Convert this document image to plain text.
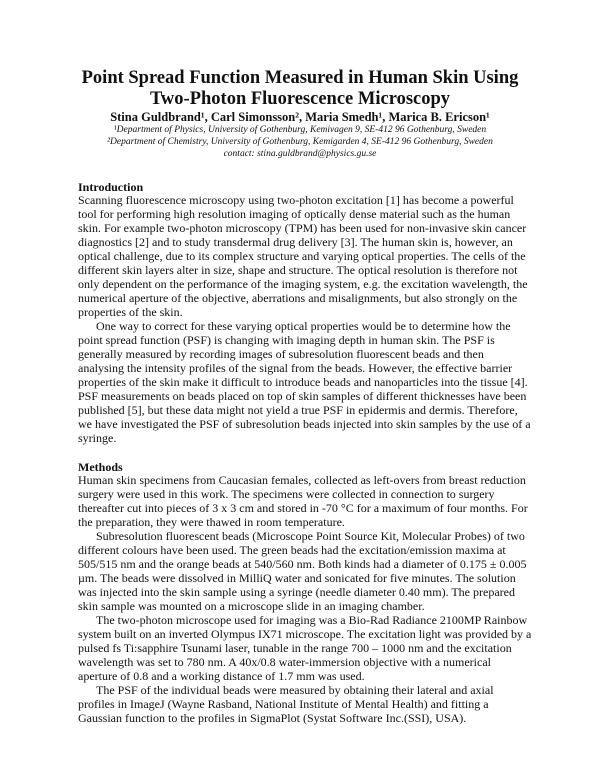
Point Spread Function Measured in Human Skin Using
Two-Photon Fluorescence Microscopy
Stina Guldbrand¹, Carl Simonsson², Maria Smedh¹, Marica B. Ericson¹
¹Department of Physics, University of Gothenburg, Kemivagen 9, SE-412 96 Gothenburg, Sweden
²Department of Chemistry, University of Gothenburg, Kemigarden 4, SE-412 96 Gothenburg, Sweden
contact: stina.guldbrand@physics.gu.se
Introduction
Scanning fluorescence microscopy using two-photon excitation [1] has become a powerful
tool for performing high resolution imaging of optically dense material such as the human
skin. For example two-photon microscopy (TPM) has been used for non-invasive skin cancer
diagnostics [2] and to study transdermal drug delivery [3]. The human skin is, however, an
optical challenge, due to its complex structure and varying optical properties. The cells of the
different skin layers alter in size, shape and structure. The optical resolution is therefore not
only dependent on the performance of the imaging system, e.g. the excitation wavelength, the
numerical aperture of the objective, aberrations and misalignments, but also strongly on the
properties of the skin.
One way to correct for these varying optical properties would be to determine how the
point spread function (PSF) is changing with imaging depth in human skin. The PSF is
generally measured by recording images of subresolution fluorescent beads and then
analysing the intensity profiles of the signal from the beads. However, the effective barrier
properties of the skin make it difficult to introduce beads and nanoparticles into the tissue [4].
PSF measurements on beads placed on top of skin samples of different thicknesses have been
published [5], but these data might not yield a true PSF in epidermis and dermis. Therefore,
we have investigated the PSF of subresolution beads injected into skin samples by the use of a
syringe.
Methods
Human skin specimens from Caucasian females, collected as left-overs from breast reduction
surgery were used in this work. The specimens were collected in connection to surgery
thereafter cut into pieces of 3 x 3 cm and stored in -70 °C for a maximum of four months. For
the preparation, they were thawed in room temperature.
Subresolution fluorescent beads (Microscope Point Source Kit, Molecular Probes) of two
different colours have been used. The green beads had the excitation/emission maxima at
505/515 nm and the orange beads at 540/560 nm. Both kinds had a diameter of 0.175 ± 0.005
µm. The beads were dissolved in MilliQ water and sonicated for five minutes. The solution
was injected into the skin sample using a syringe (needle diameter 0.40 mm). The prepared
skin sample was mounted on a microscope slide in an imaging chamber.
The two-photon microscope used for imaging was a Bio-Rad Radiance 2100MP Rainbow
system built on an inverted Olympus IX71 microscope. The excitation light was provided by a
pulsed fs Ti:sapphire Tsunami laser, tunable in the range 700 – 1000 nm and the excitation
wavelength was set to 780 nm. A 40x/0.8 water-immersion objective with a numerical
aperture of 0.8 and a working distance of 1.7 mm was used.
The PSF of the individual beads were measured by obtaining their lateral and axial
profiles in ImageJ (Wayne Rasband, National Institute of Mental Health) and fitting a
Gaussian function to the profiles in SigmaPlot (Systat Software Inc.(SSI), USA).
